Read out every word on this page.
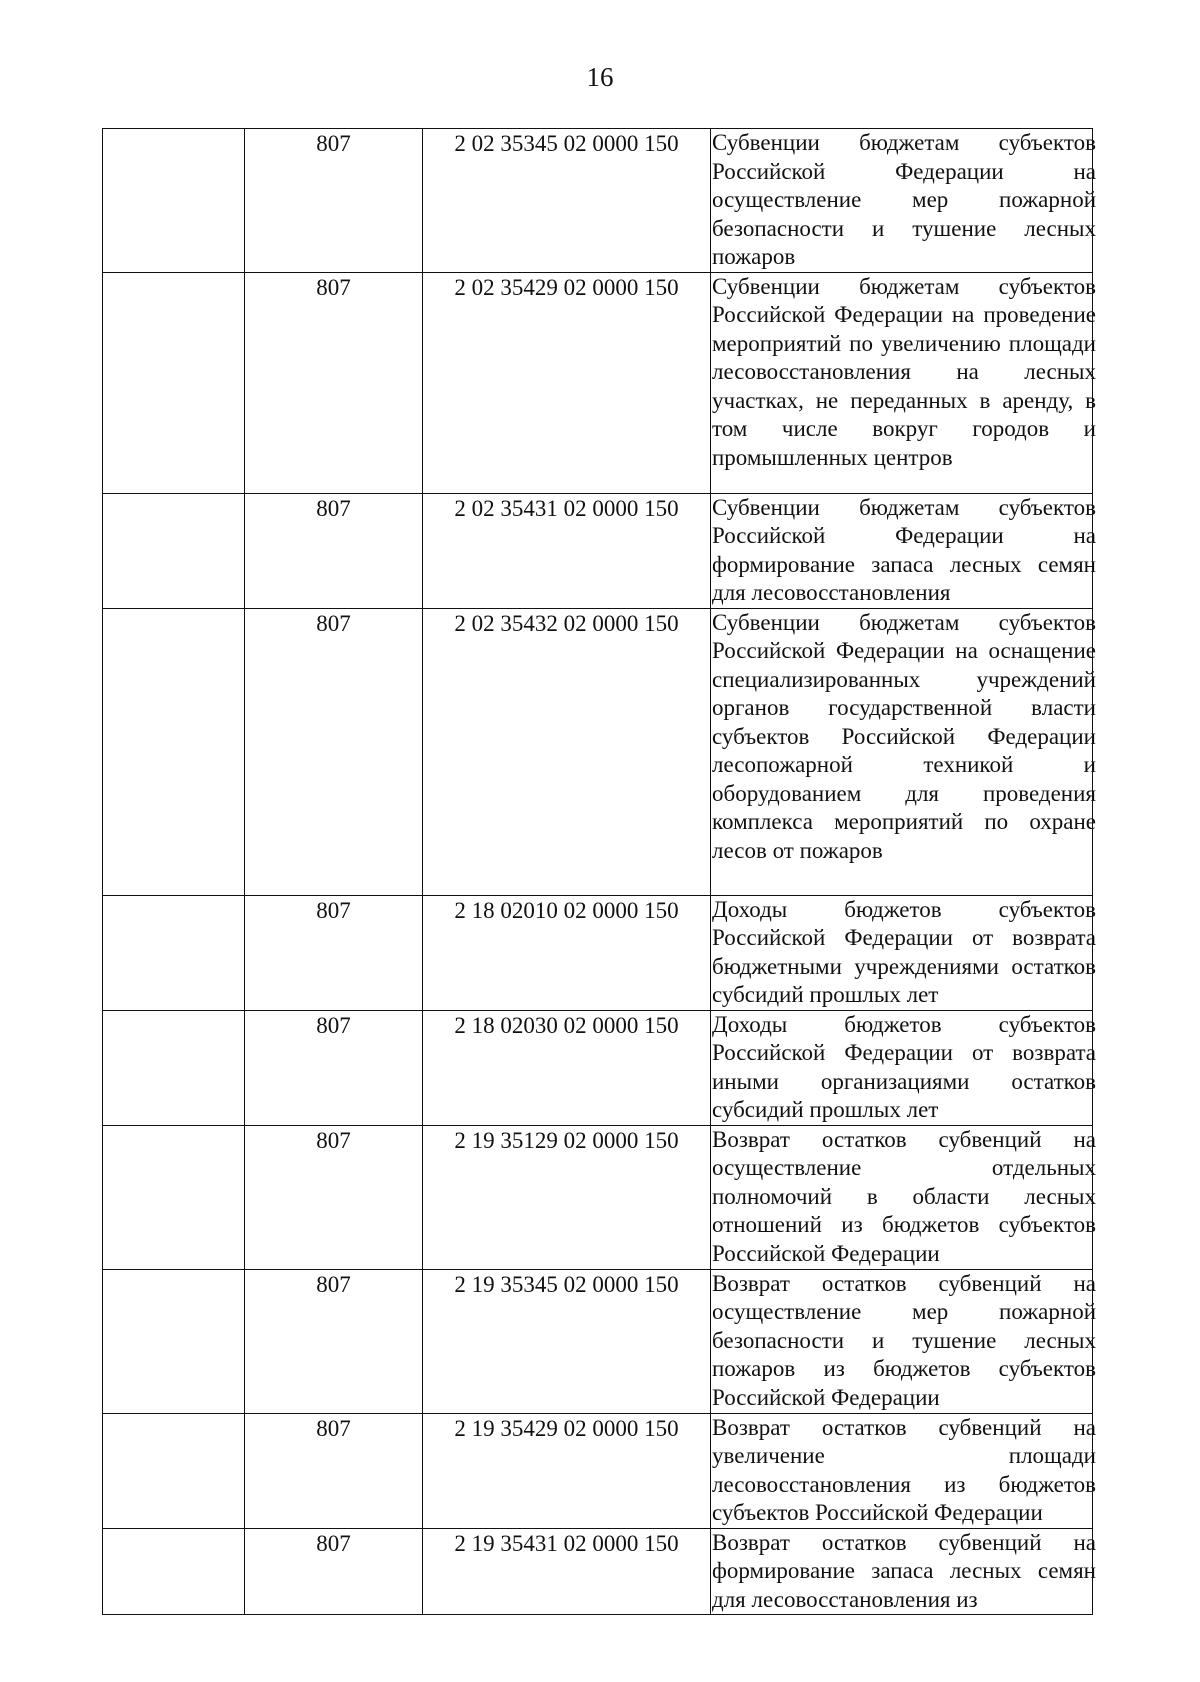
16
	807	2 02 35345 02 0000 150	Субвенции бюджетам субъектов Российской Федерации на осуществление мер пожарной безопасности и тушение лесных пожаров

	807	2 02 35429 02 0000 150	Субвенции бюджетам субъектов Российской Федерации на проведение мероприятий по увеличению площади лесовосстановления на лесных участках, не переданных в аренду, в том числе вокруг городов и промышленных центров

	807	2 02 35431 02 0000 150	Субвенции бюджетам субъектов Российской Федерации на формирование запаса лесных семян для лесовосстановления

	807	2 02 35432 02 0000 150	Субвенции бюджетам субъектов Российской Федерации на оснащение специализированных учреждений органов государственной власти субъектов Российской Федерации лесопожарной техникой и оборудованием для проведения комплекса мероприятий по охране лесов от пожаров

	807	2 18 02010 02 0000 150	Доходы бюджетов субъектов Российской Федерации от возврата бюджетными учреждениями остатков субсидий прошлых лет

	807	2 18 02030 02 0000 150	Доходы бюджетов субъектов Российской Федерации от возврата иными организациями остатков субсидий прошлых лет

	807	2 19 35129 02 0000 150	Возврат остатков субвенций на осуществление отдельных полномочий в области лесных отношений из бюджетов субъектов Российской Федерации

	807	2 19 35345 02 0000 150	Возврат остатков субвенций на осуществление мер пожарной безопасности и тушение лесных пожаров из бюджетов субъектов Российской Федерации

	807	2 19 35429 02 0000 150	Возврат остатков субвенций на увеличение площади лесовосстановления из бюджетов субъектов Российской Федерации

	807	2 19 35431 02 0000 150	Возврат остатков субвенций на формирование запаса лесных семян для лесовосстановления из
